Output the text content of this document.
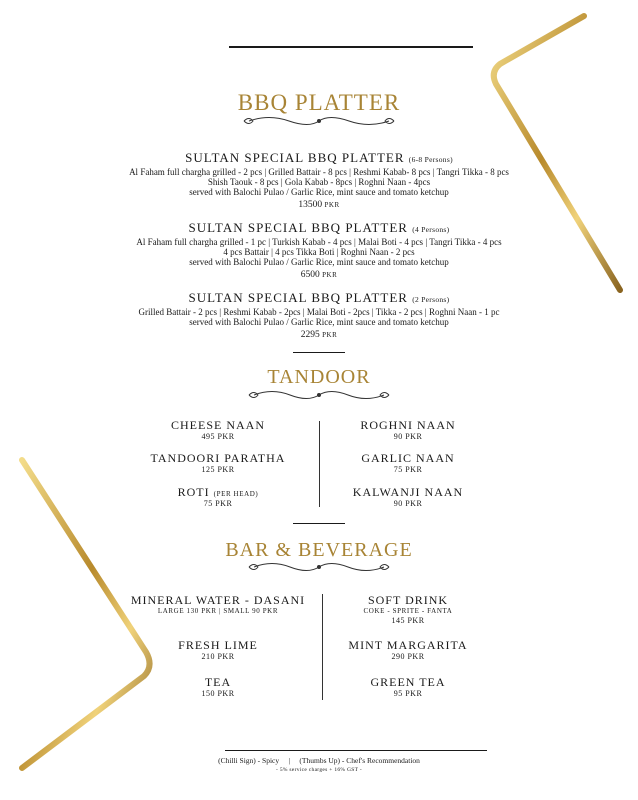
BBQ PLATTER
SULTAN SPECIAL BBQ PLATTER (6-8 Persons)
Al Faham full chargha grilled - 2 pcs | Grilled Battair - 8 pcs | Reshmi Kabab- 8 pcs | Tangri Tikka - 8 pcs
Shish Taouk - 8 pcs | Gola Kabab - 8pcs | Roghni Naan - 4pcs
served with Balochi Pulao / Garlic Rice, mint sauce and tomato ketchup
13500 PKR
SULTAN SPECIAL BBQ PLATTER (4 Persons)
Al Faham full chargha grilled - 1 pc | Turkish Kabab - 4 pcs | Malai Boti - 4 pcs | Tangri Tikka - 4 pcs
4 pcs Battair | 4 pcs Tikka Boti | Roghni Naan - 2 pcs
served with Balochi Pulao / Garlic Rice, mint sauce and tomato ketchup
6500 PKR
SULTAN SPECIAL BBQ PLATTER (2 Persons)
Grilled Battair - 2 pcs | Reshmi Kabab - 2pcs | Malai Boti - 2pcs | Tikka - 2 pcs | Roghni Naan - 1 pc
served with Balochi Pulao / Garlic Rice, mint sauce and tomato ketchup
2295 PKR
TANDOOR
CHEESE NAAN
495 PKR
TANDOORI PARATHA
125 PKR
ROTI (PER HEAD)
75 PKR
ROGHNI NAAN
90 PKR
GARLIC NAAN
75 PKR
KALWANJI NAAN
90 PKR
BAR & BEVERAGE
MINERAL WATER - DASANI
LARGE 130 PKR | SMALL 90 PKR
FRESH LIME
210 PKR
TEA
150 PKR
SOFT DRINK
COKE - SPRITE - FANTA
145 PKR
MINT MARGARITA
290 PKR
GREEN TEA
95 PKR
(Chilli Sign) - Spicy | (Thumbs Up) - Chef's Recommendation
- 5% service charges + 16% GST -
